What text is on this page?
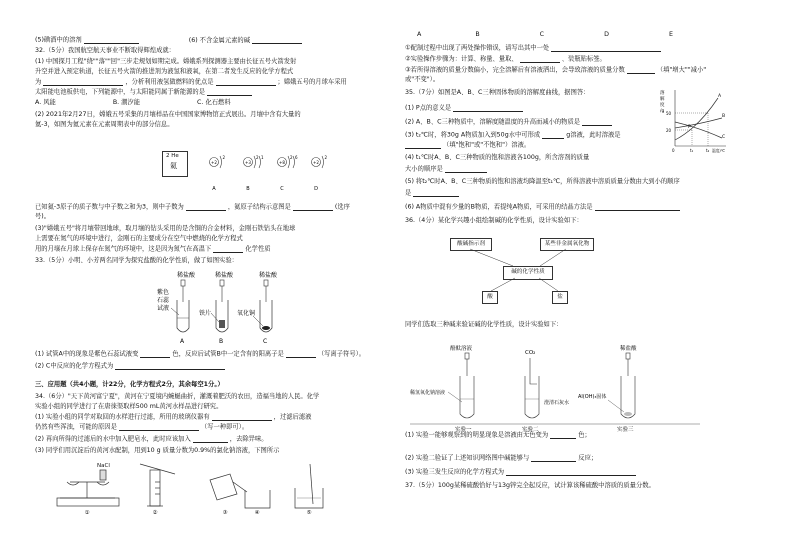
(5)碘酒中的溶剂	(6) 不含金属元素的碱
32.（5分）我国航空航天事业不断取得辉煌成就：
(1) 中国探月工程"绕""落""回"三步走规划如期完成。嫦娥系列探测器主要由长征五号火箭发射
升空并进入预定轨道，长征五号火箭的推进剂为液氢和液氧，在第二者发生反应的化学方程式
为	，分析利用液氢做燃料的优点是	；嫦娥五号的月球车采用
太阳能电池板供电，下列能源中，与太阳能同属于新能源的是
A. 风能	B. 潮汐能	C. 化石燃料
(2) 2021年2月27日，嫦娥五号采集的月壤样品在中国国家博物馆正式展出。月壤中含有大量的
氦-3，如图为氦元素在元素周期表中的部分信息。
2 He
氦	+2
2
A
+3
2 1
B
+8
2 6
C
+2
2
D
已知氦-3原子的质子数与中子数之和为3，则中子数为	，氦原子结构示意图是	(选序
号)。
(3)"嫦娥五号"将月壤带回地球，取月壤的钻头采用的是含铜的合金材料，金刚石铁钻头在地球
上需要在氮气的环境中进行，金刚石的主要成分在空气中燃烧的化学方程式
用的月壤在月球上保存在氮气的环境中，这是因为氮气在高温下	化学性质
33.（5分）小明、小芳两名同学为探究盐酸的化学性质，做了如图实验：
稀盐酸	稀盐酸	稀盐酸
紫色
石蕊
试液
铁片	氧化铜
A	B	C
(1) 试管A中的现象是紫色石蕊试液变	色，反应后试管B中一定含有的阳离子是	（写离子符号）。
(2) C中反应的化学方程式为
三、应用题（共4小题，计22分，化学方程式2分，其余每空1分。）
34.（6分）"天下黄河富宁夏"，黄河在宁夏境内蜿蜒曲折，灌溉着肥沃的农田，造福当地的人民。化学
实验小组的同学进行了在唐徕渠取样500 mL黄河水样品进行研究。
(1) 实验小组的同学对取回的水样进行过滤，所用的玻璃仪器有	，过滤后滤液
仍然有些浑浊，可能的原因是	（写一种即可）。
(2) 再向所得的过滤后的水中加入肥皂水，此时应该加入	，去除异味。
(3) 同学们用沉淀后的黄河水配制，用到10 g 质量分数为0.9%的氯化钠溶液，下图所示
NaCl
①	②	③	④	⑤
A	B	C	D	E
①配制过程中出现了两处操作错误，请写出其中一处
②实验操作步骤为：计算、称量、量取、	、装瓶贴标签。
③若所得溶液的质量分数偏小，完全溶解后有溶液洒出，会导致溶液的质量分数	（填"增大""减小"
或"不变"）。
35.（7分）如图是A、B、C三种固体物质的溶解度曲线，据图答：
(1) P点的意义是
(2) A、B、C三种物质中，溶解度随温度的升高而减小的物质是
(3) t₂℃时，将30g A物质加入到50g水中可形成	g溶液，此时溶液是
（填"饱和"或"不饱和"）溶液。
(4) t₁℃时A、B、C三种物质的饱和溶液各100g，所含溶剂的质量
大小的顺序是
(5) 将t₂℃时A、B、C三种物质的饱和溶液均降温至t₁℃，所得溶液中溶质质量分数由大到小的顺序
是
(6) A物质中混有少量的B物质，若提纯A物质，可采用的结晶方法是
溶
解
度
/g 50
20
A
B
C
P
0	t₁	t₂ 温度/℃
36.（4分）某化学兴趣小组绘制碱的化学性质，设计实验如下：
酸碱指示剂	某些非金属氧化物
碱的化学性质
酸	盐
同学们选取三种碱来验证碱的化学性质，设计实验如下：
酚酞溶液
CO₂
稀盐酸
稀氢氧化钠溶液
澄清石灰水
Al(OH)₃固体
实验一	实验二	实验三
(1) 实验一能够观察到的明显现象是溶液由无色变为	色；
(2) 实验二验证了上述知识网络图中碱能够与	反应；
(3) 实验三发生反应的化学方程式为
37.（5分）100g某稀硫酸恰好与13g锌完全起反应，试计算该稀硫酸中溶质的质量分数。
